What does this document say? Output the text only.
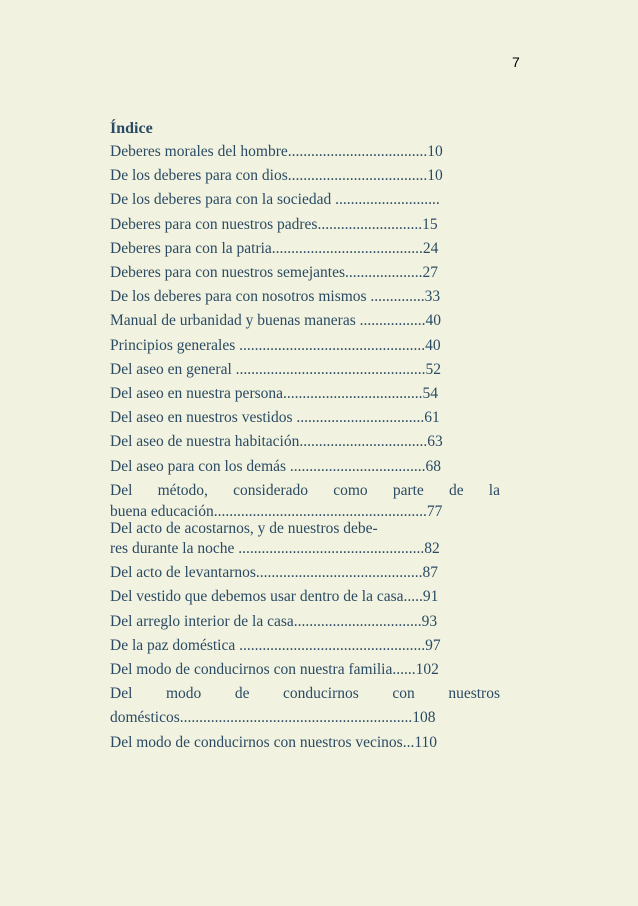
7
Índice
Deberes morales del hombre....................................10
De los deberes para con dios....................................10
De los deberes para con la sociedad ...........................
Deberes para con nuestros padres...........................15
Deberes para con la patria.......................................24
Deberes para con nuestros semejantes....................27
De los deberes para con nosotros mismos ..............33
Manual de urbanidad y buenas maneras .................40
Principios generales ................................................40
Del aseo en general .................................................52
Del aseo en nuestra persona....................................54
Del aseo en nuestros vestidos .................................61
Del aseo de nuestra habitación.................................63
Del aseo para con los demás ...................................68
Del método, considerado como parte de la
buena educación.......................................................77
Del acto de acostarnos, y de nuestros debe-
res durante la noche ................................................82
Del acto de levantarnos...........................................87
Del vestido que debemos usar dentro de la casa.....91
Del arreglo interior de la casa.................................93
De la paz doméstica ................................................97
Del modo de conducirnos con nuestra familia......102
Del modo de conducirnos con nuestros
domésticos............................................................108
Del modo de conducirnos con nuestros vecinos...110
